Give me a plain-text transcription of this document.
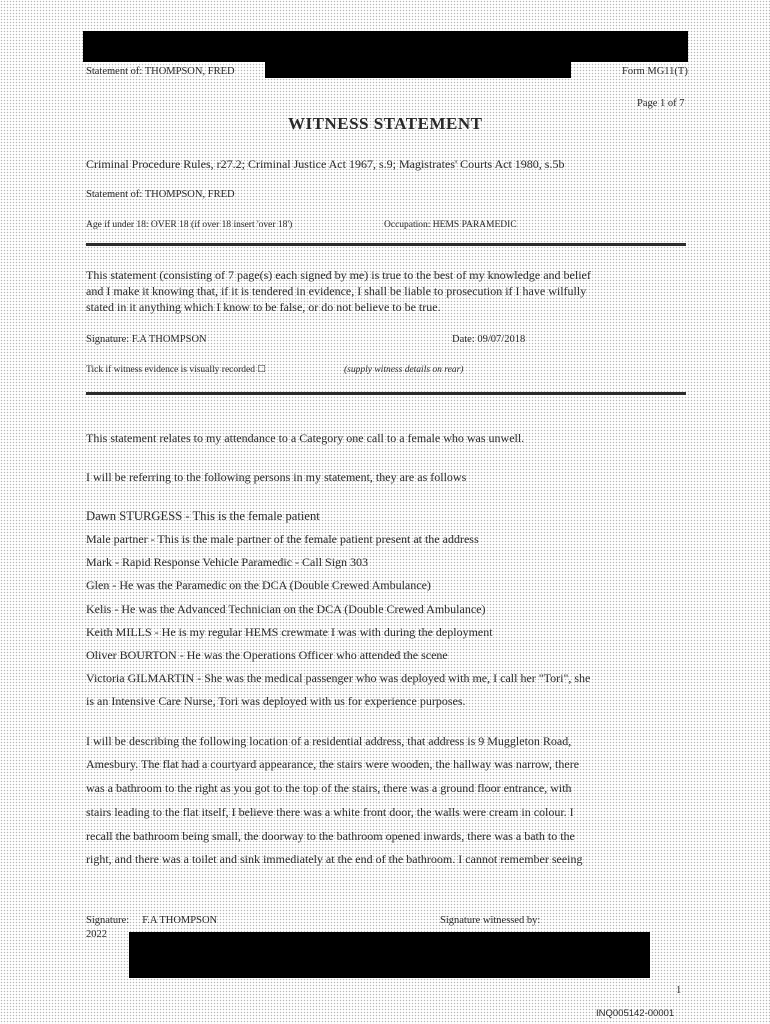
Statement of: THOMPSON, FRED	Form MG11(T)
Page 1 of 7
WITNESS STATEMENT
Criminal Procedure Rules, r27.2; Criminal Justice Act 1967, s.9; Magistrates' Courts Act 1980, s.5b
Statement of: THOMPSON, FRED
Age if under 18: OVER 18 (if over 18 insert 'over 18')	Occupation: HEMS PARAMEDIC
This statement (consisting of 7 page(s) each signed by me) is true to the best of my knowledge and belief
and I make it knowing that, if it is tendered in evidence, I shall be liable to prosecution if I have wilfully
stated in it anything which I know to be false, or do not believe to be true.
Signature: F.A THOMPSON	Date: 09/07/2018
Tick if witness evidence is visually recorded ☐	(supply witness details on rear)
This statement relates to my attendance to a Category one call to a female who was unwell.
I will be referring to the following persons in my statement, they are as follows
Dawn STURGESS - This is the female patient
Male partner - This is the male partner of the female patient present at the address
Mark - Rapid Response Vehicle Paramedic - Call Sign 303
Glen - He was the Paramedic on the DCA (Double Crewed Ambulance)
Kelis - He was the Advanced Technician on the DCA (Double Crewed Ambulance)
Keith MILLS - He is my regular HEMS crewmate I was with during the deployment
Oliver BOURTON - He was the Operations Officer who attended the scene
Victoria GILMARTIN - She was the medical passenger who was deployed with me, I call her "Tori", she
is an Intensive Care Nurse, Tori was deployed with us for experience purposes.
I will be describing the following location of a residential address, that address is 9 Muggleton Road,
Amesbury. The flat had a courtyard appearance, the stairs were wooden, the hallway was narrow, there
was a bathroom to the right as you got to the top of the stairs, there was a ground floor entrance, with
stairs leading to the flat itself, I believe there was a white front door, the walls were cream in colour. I
recall the bathroom being small, the doorway to the bathroom opened inwards, there was a bath to the
right, and there was a toilet and sink immediately at the end of the bathroom. I cannot remember seeing
Signature:     F.A THOMPSON	Signature witnessed by:
2022
1
INQ005142-00001
